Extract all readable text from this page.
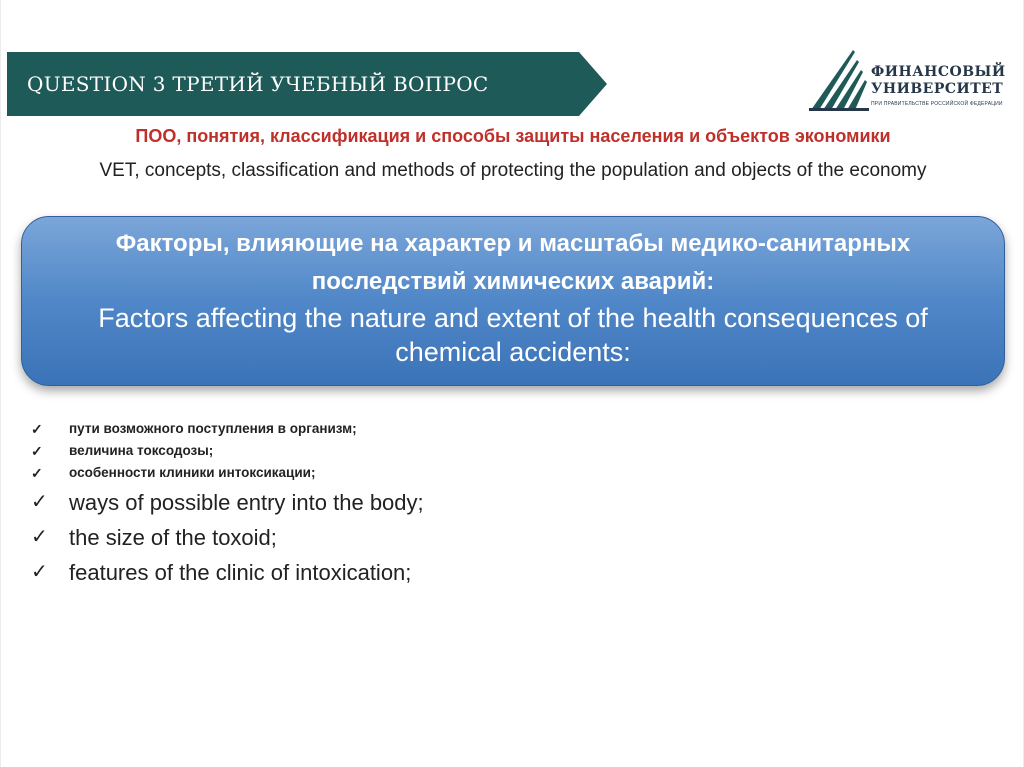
QUESTION 3 ТРЕТИЙ УЧЕБНЫЙ ВОПРОС	ФИНАНСОВЫЙ
УНИВЕРСИТЕТ
ПРИ ПРАВИТЕЛЬСТВЕ РОССИЙСКОЙ ФЕДЕРАЦИИ
ПОО, понятия, классификация и способы защиты населения и объектов экономики
VET, concepts, classification and methods of protecting the population and objects of the economy
Факторы, влияющие на характер и масштабы медико-санитарных последствий химических аварий:
Factors affecting the nature and extent of the health consequences of chemical accidents:
✓ пути возможного поступления в организм;
✓ величина токсодозы;
✓ особенности клиники интоксикации;
✓ ways of possible entry into the body;
✓ the size of the toxoid;
✓ features of the clinic of intoxication;
